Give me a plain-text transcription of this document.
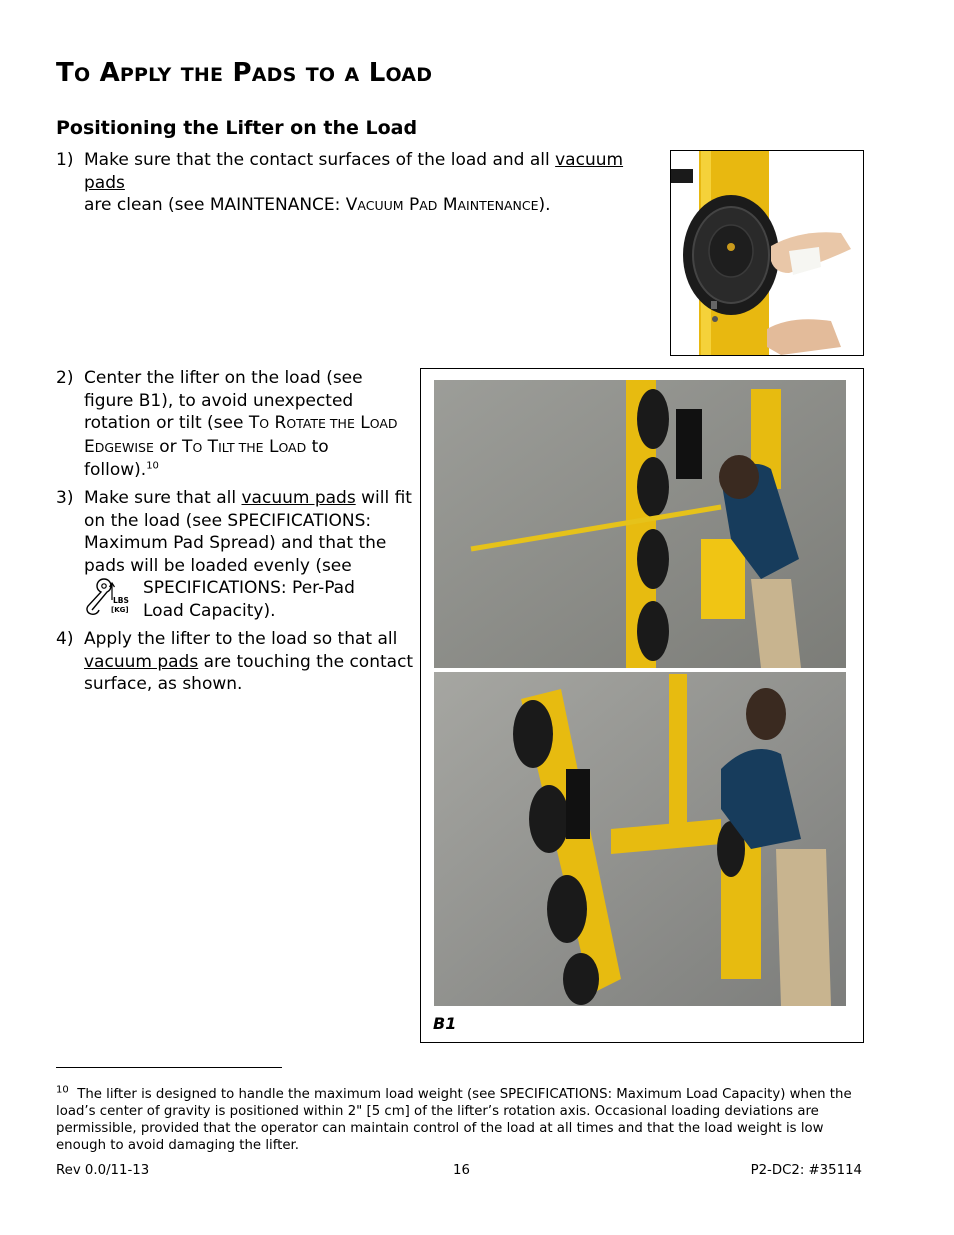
TO APPLY THE PADS TO A LOAD
Positioning the Lifter on the Load
1) Make sure that the contact surfaces of the load and all vacuum pads
are clean (see MAINTENANCE: VACUUM PAD MAINTENANCE).
2) Center the lifter on the load (see
figure B1), to avoid unexpected
rotation or tilt (see TO ROTATE THE LOAD
EDGEWISE or TO TILT THE LOAD to
follow).$^{10}$
3) Make sure that all vacuum pads will fit
on the load (see SPECIFICATIONS:
Maximum Pad Spread) and that the
pads will be loaded evenly (see
LBS
[KG]
SPECIFICATIONS: Per-Pad
Load Capacity).
4) Apply the lifter to the load so that all
vacuum pads are touching the contact
surface, as shown.
B1
$^{10}$ The lifter is designed to handle the maximum load weight (see SPECIFICATIONS: Maximum Load Capacity) when the load’s center of gravity is positioned within 2" [5 cm] of the lifter’s rotation axis. Occasional loading deviations are permissible, provided that the operator can maintain control of the load at all times and that the load weight is low enough to avoid damaging the lifter.
Rev 0.0/11-13	16	P2-DC2: #35114
